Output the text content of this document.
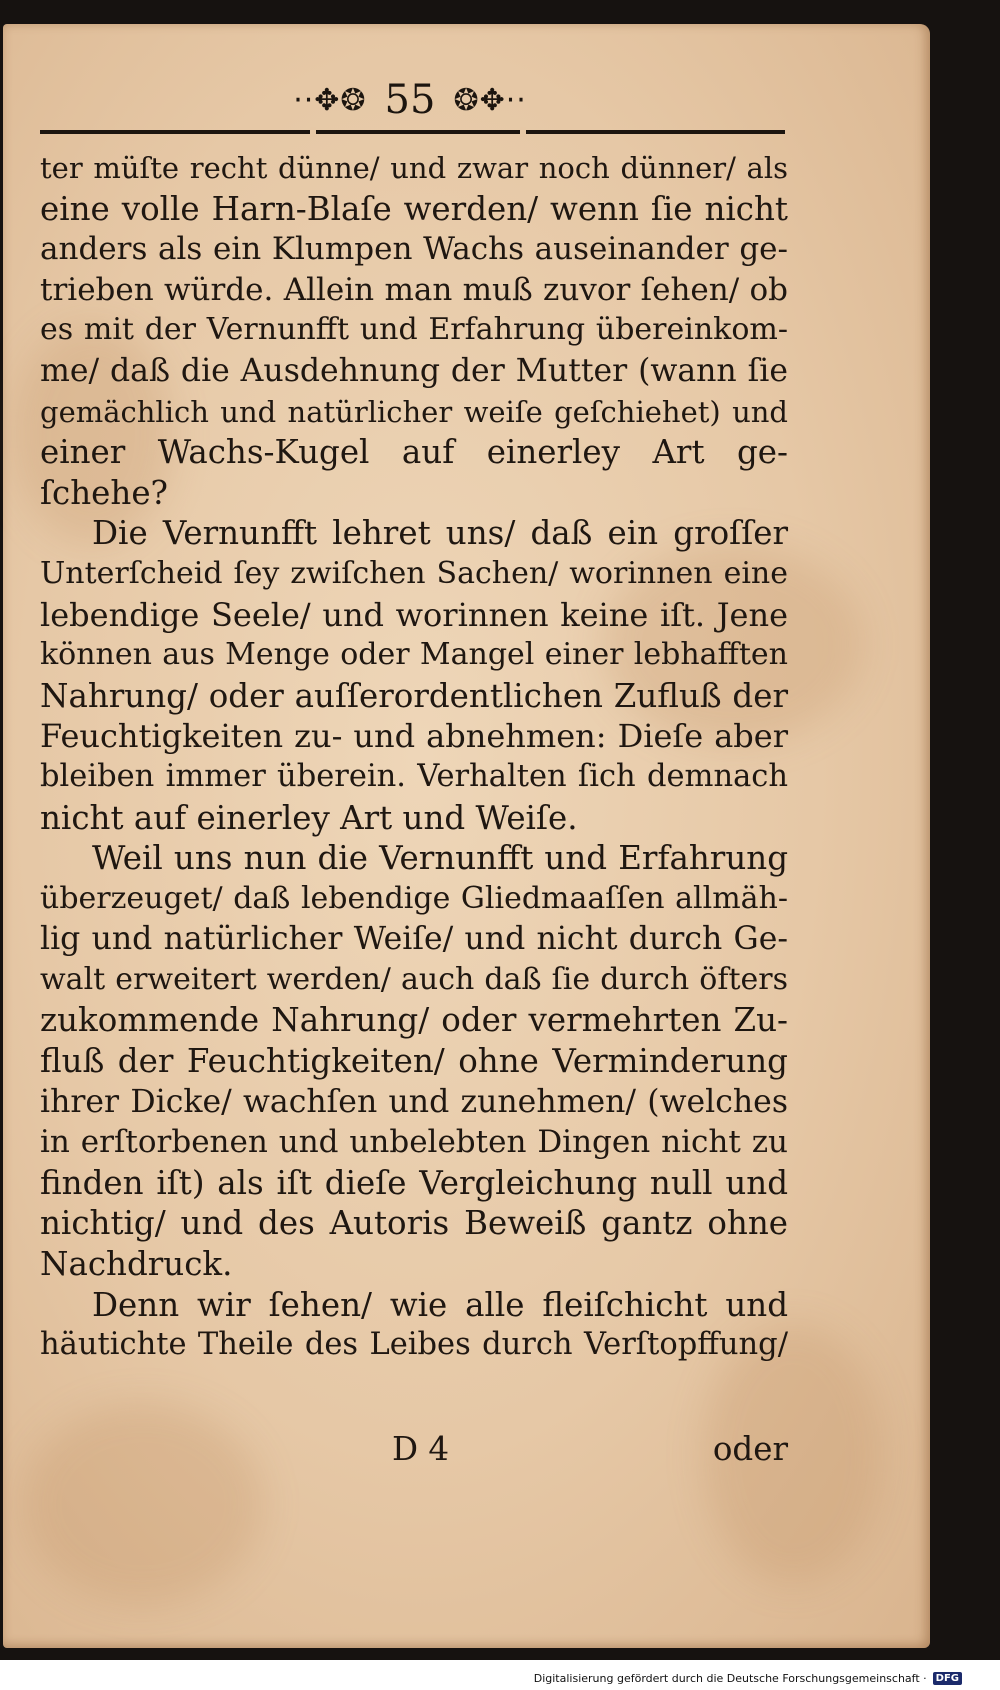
··✥❂ 55 ❂✥··
ter müſte recht dünne/ und zwar noch dünner/ als
eine volle Harn-Blaſe werden/ wenn ſie nicht
anders als ein Klumpen Wachs auseinander ge-
trieben würde. Allein man muß zuvor ſehen/ ob
es mit der Vernunfft und Erfahrung übereinkom-
me/ daß die Ausdehnung der Mutter (wann ſie
gemächlich und natürlicher weiſe geſchiehet) und
einer Wachs-Kugel auf einerley Art ge-
ſchehe?
Die Vernunfft lehret uns/ daß ein groſſer
Unterſcheid ſey zwiſchen Sachen/ worinnen eine
lebendige Seele/ und worinnen keine iſt. Jene
können aus Menge oder Mangel einer lebhafften
Nahrung/ oder auſſerordentlichen Zufluß der
Feuchtigkeiten zu- und abnehmen: Dieſe aber
bleiben immer überein. Verhalten ſich demnach
nicht auf einerley Art und Weiſe.
Weil uns nun die Vernunfft und Erfahrung
überzeuget/ daß lebendige Gliedmaaſſen allmäh-
lig und natürlicher Weiſe/ und nicht durch Ge-
walt erweitert werden/ auch daß ſie durch öfters
zukommende Nahrung/ oder vermehrten Zu-
fluß der Feuchtigkeiten/ ohne Verminderung
ihrer Dicke/ wachſen und zunehmen/ (welches
in erſtorbenen und unbelebten Dingen nicht zu
finden iſt) als iſt dieſe Vergleichung null und
nichtig/ und des Autoris Beweiß gantz ohne
Nachdruck.
Denn wir ſehen/ wie alle fleiſchicht und
häutichte Theile des Leibes durch Verſtopffung/
D 4	oder
Digitalisierung gefördert durch die Deutsche Forschungsgemeinschaft · DFG
